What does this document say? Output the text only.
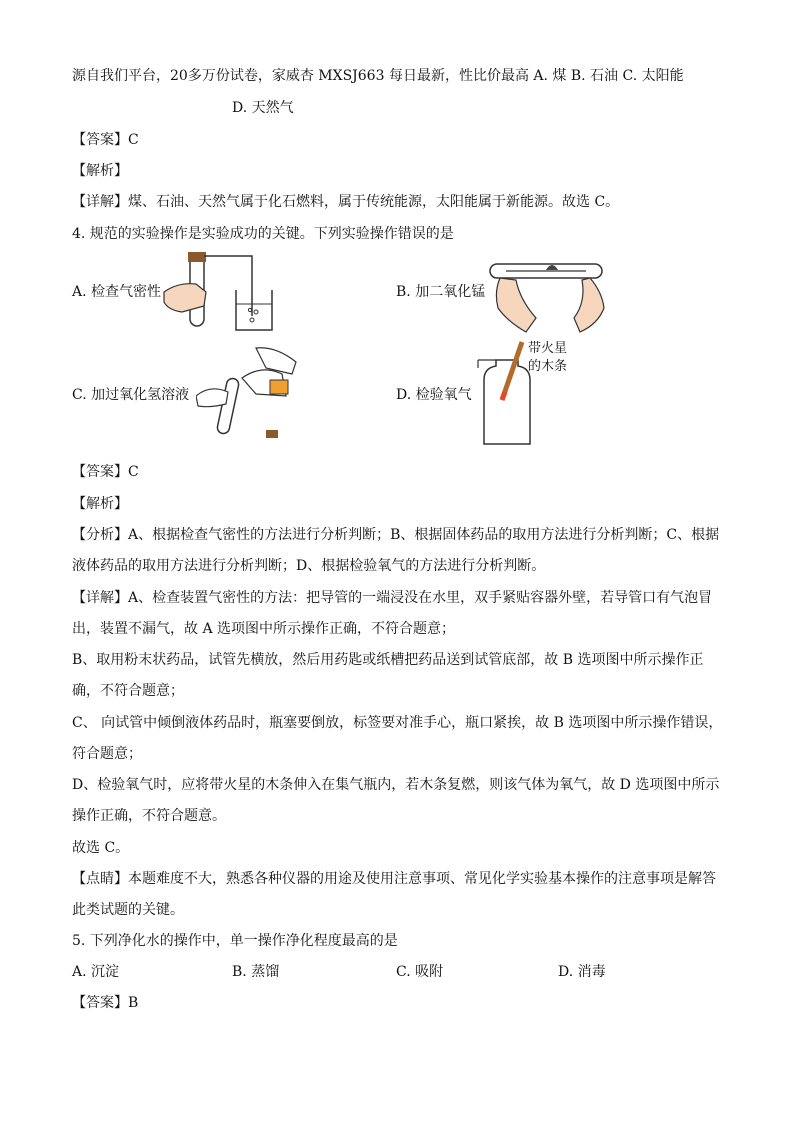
源自我们平台，20多万份试卷，家威杏 MXSJ663 每日最新，性比价最高 A. 煤 B. 石油 C. 太阳能
D. 天然气
【答案】C
【解析】
【详解】煤、石油、天然气属于化石燃料，属于传统能源，太阳能属于新能源。故选 C。
4. 规范的实验操作是实验成功的关键。下列实验操作错误的是
A. 检查气密性	B. 加二氧化锰
C. 加过氧化氢溶液	D. 检验氧气
带火星
的木条
【答案】C
【解析】
【分析】A、根据检查气密性的方法进行分析判断；B、根据固体药品的取用方法进行分析判断；C、根据
液体药品的取用方法进行分析判断；D、根据检验氧气的方法进行分析判断。
【详解】A、检查装置气密性的方法：把导管的一端浸没在水里，双手紧贴容器外壁，若导管口有气泡冒
出，装置不漏气，故 A 选项图中所示操作正确，不符合题意；
B、取用粉末状药品，试管先横放，然后用药匙或纸槽把药品送到试管底部，故 B 选项图中所示操作正
确，不符合题意；
C、 向试管中倾倒液体药品时，瓶塞要倒放，标签要对准手心，瓶口紧挨，故 B 选项图中所示操作错误，
符合题意；
D、检验氧气时，应将带火星的木条伸入在集气瓶内，若木条复燃，则该气体为氧气，故 D 选项图中所示
操作正确，不符合题意。
故选 C。
【点睛】本题难度不大，熟悉各种仪器的用途及使用注意事项、常见化学实验基本操作的注意事项是解答
此类试题的关键。
5. 下列净化水的操作中，单一操作净化程度最高的是
A. 沉淀	B. 蒸馏	C. 吸附	D. 消毒
【答案】B
